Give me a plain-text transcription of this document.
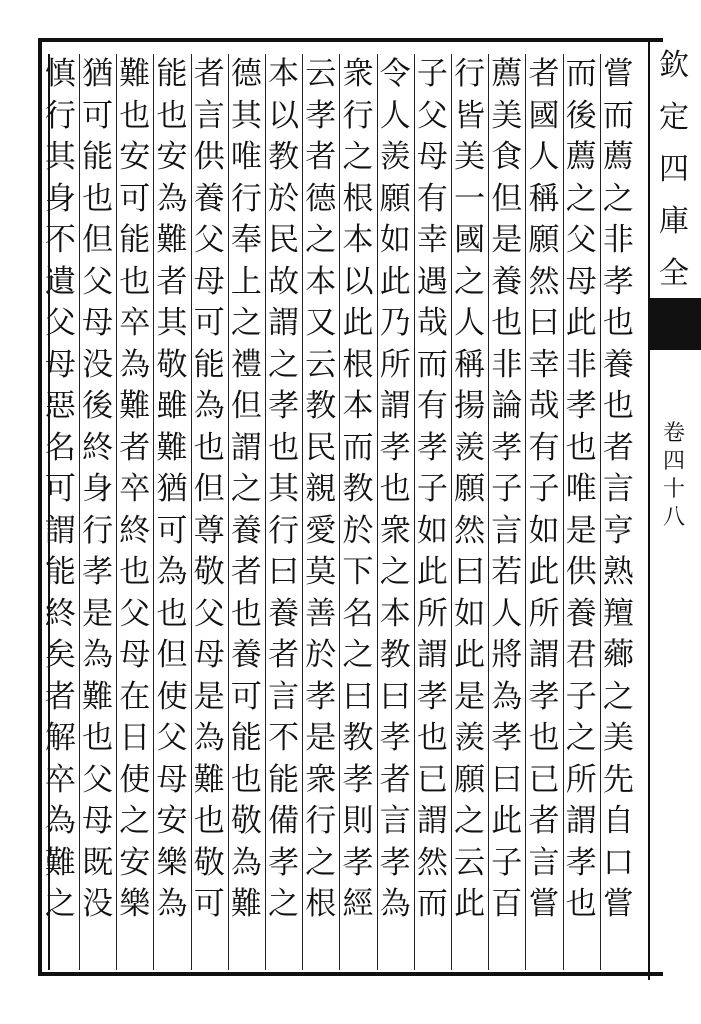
欽
定
四
庫
全
卷
四
十
八
嘗
而
薦
之
非
孝
也
養
也
者
言
亨
熟
羶
薌
之
美
先
自
口
嘗
而
後
薦
之
父
母
此
非
孝
也
唯
是
供
養
君
子
之
所
謂
孝
也
者
國
人
稱
願
然
曰
幸
哉
有
子
如
此
所
謂
孝
也
已
者
言
嘗
薦
美
食
但
是
養
也
非
論
孝
子
言
若
人
將
為
孝
曰
此
子
百
行
皆
美
一
國
之
人
稱
揚
羨
願
然
曰
如
此
是
羨
願
之
云
此
子
父
母
有
幸
遇
哉
而
有
孝
子
如
此
所
謂
孝
也
已
謂
然
而
令
人
羨
願
如
此
乃
所
謂
孝
也
衆
之
本
教
曰
孝
者
言
孝
為
衆
行
之
根
本
以
此
根
本
而
教
於
下
名
之
曰
教
孝
則
孝
經
云
孝
者
德
之
本
又
云
教
民
親
愛
莫
善
於
孝
是
衆
行
之
根
本
以
教
於
民
故
謂
之
孝
也
其
行
曰
養
者
言
不
能
備
孝
之
德
其
唯
行
奉
上
之
禮
但
謂
之
養
者
也
養
可
能
也
敬
為
難
者
言
供
養
父
母
可
能
為
也
但
尊
敬
父
母
是
為
難
也
敬
可
能
也
安
為
難
者
其
敬
雖
難
猶
可
為
也
但
使
父
母
安
樂
為
難
也
安
可
能
也
卒
為
難
者
卒
終
也
父
母
在
日
使
之
安
樂
猶
可
能
也
但
父
母
没
後
終
身
行
孝
是
為
難
也
父
母
既
没
慎
行
其
身
不
遺
父
母
惡
名
可
謂
能
終
矣
者
解
卒
為
難
之
